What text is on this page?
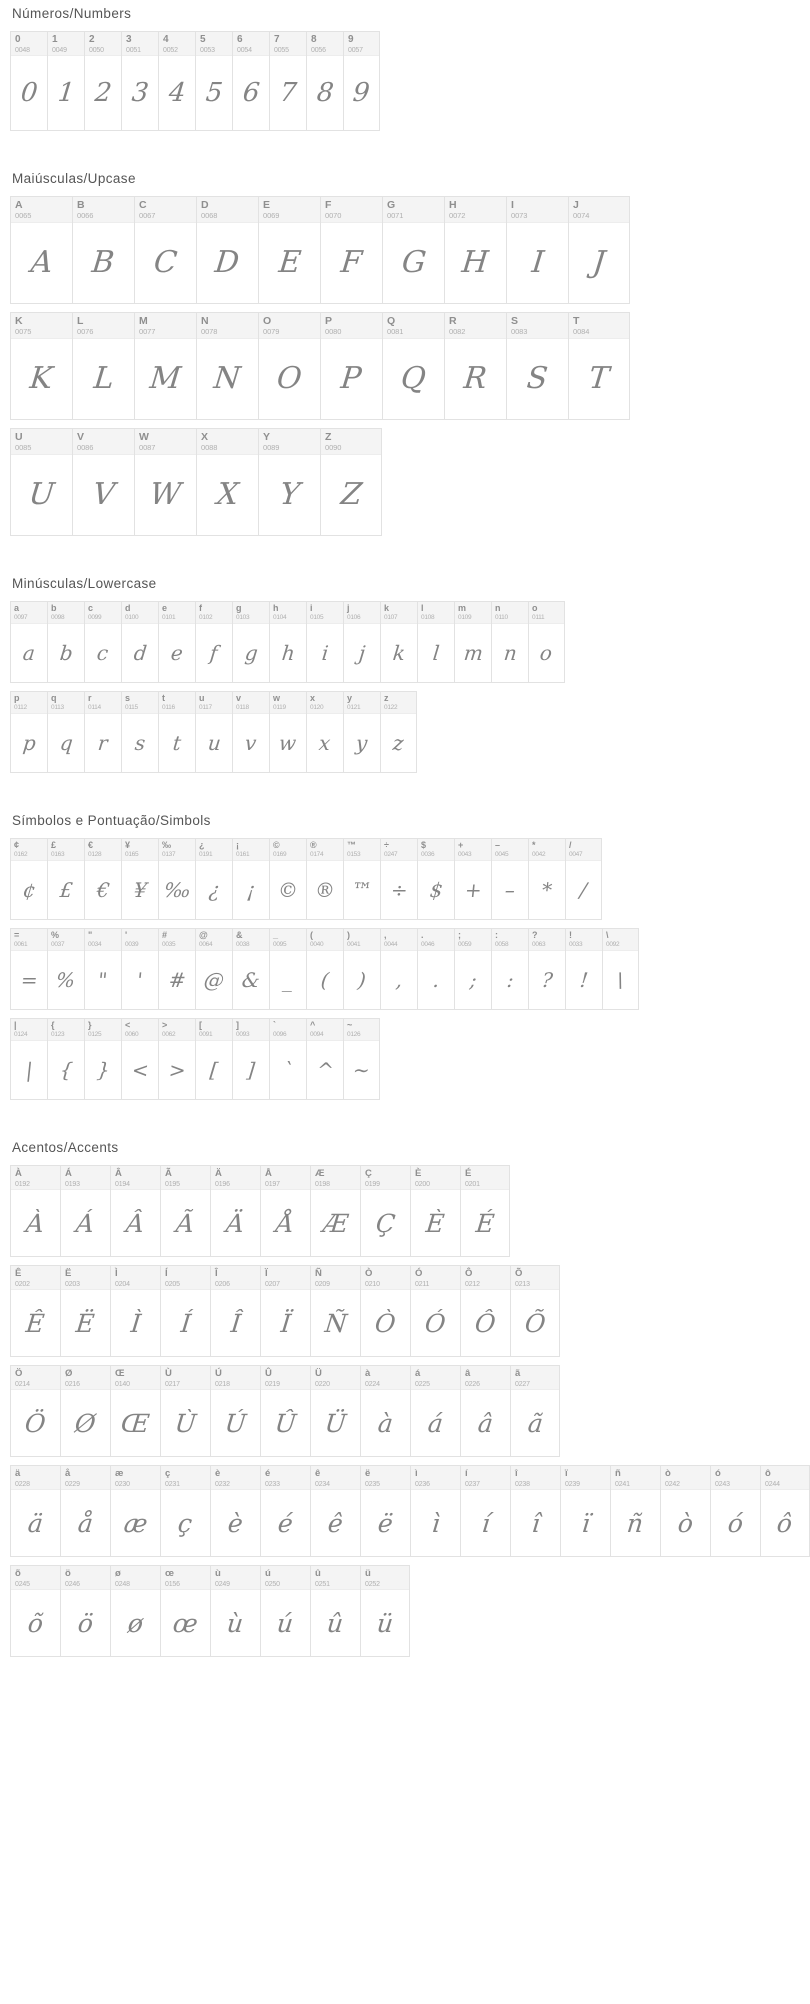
Números/Numbers
0
0048
0
1
0049
1
2
0050
2
3
0051
3
4
0052
4
5
0053
5
6
0054
6
7
0055
7
8
0056
8
9
0057
9
Maiúsculas/Upcase
A
0065
A
B
0066
B
C
0067
C
D
0068
D
E
0069
E
F
0070
F
G
0071
G
H
0072
H
I
0073
I
J
0074
J
K
0075
K
L
0076
L
M
0077
M
N
0078
N
O
0079
O
P
0080
P
Q
0081
Q
R
0082
R
S
0083
S
T
0084
T
U
0085
U
V
0086
V
W
0087
W
X
0088
X
Y
0089
Y
Z
0090
Z
Minúsculas/Lowercase
a
0097
a
b
0098
b
c
0099
c
d
0100
d
e
0101
e
f
0102
f
g
0103
g
h
0104
h
i
0105
i
j
0106
j
k
0107
k
l
0108
l
m
0109
m
n
0110
n
o
0111
o
p
0112
p
q
0113
q
r
0114
r
s
0115
s
t
0116
t
u
0117
u
v
0118
v
w
0119
w
x
0120
x
y
0121
y
z
0122
z
Símbolos e Pontuação/Simbols
¢
0162
¢
£
0163
£
€
0128
€
¥
0165
¥
‰
0137
‰
¿
0191
¿
¡
0161
¡
©
0169
©
®
0174
®
™
0153
™
÷
0247
÷
$
0036
$
+
0043
+
–
0045
–
*
0042
*
/
0047
/
=
0061
=
%
0037
%
"
0034
"
'
0039
'
#
0035
#
@
0064
@
&
0038
&
_
0095
_
(
0040
(
)
0041
)
,
0044
,
.
0046
.
;
0059
;
:
0058
:
?
0063
?
!
0033
!
\
0092
\
|
0124
|
{
0123
{
}
0125
}
<
0060
<
>
0062
>
[
0091
[
]
0093
]
`
0096
`
^
0094
^
~
0126
~
Acentos/Accents
À
0192
À
Á
0193
Á
Â
0194
Â
Ã
0195
Ã
Ä
0196
Ä
Å
0197
Å
Æ
0198
Æ
Ç
0199
Ç
È
0200
È
É
0201
É
Ê
0202
Ê
Ë
0203
Ë
Ì
0204
Ì
Í
0205
Í
Î
0206
Î
Ï
0207
Ï
Ñ
0209
Ñ
Ò
0210
Ò
Ó
0211
Ó
Ô
0212
Ô
Õ
0213
Õ
Ö
0214
Ö
Ø
0216
Ø
Œ
0140
Œ
Ù
0217
Ù
Ú
0218
Ú
Û
0219
Û
Ü
0220
Ü
à
0224
à
á
0225
á
â
0226
â
ã
0227
ã
ä
0228
ä
å
0229
å
æ
0230
æ
ç
0231
ç
è
0232
è
é
0233
é
ê
0234
ê
ë
0235
ë
ì
0236
ì
í
0237
í
î
0238
î
ï
0239
ï
ñ
0241
ñ
ò
0242
ò
ó
0243
ó
ô
0244
ô
õ
0245
õ
ö
0246
ö
ø
0248
ø
œ
0156
œ
ù
0249
ù
ú
0250
ú
û
0251
û
ü
0252
ü
